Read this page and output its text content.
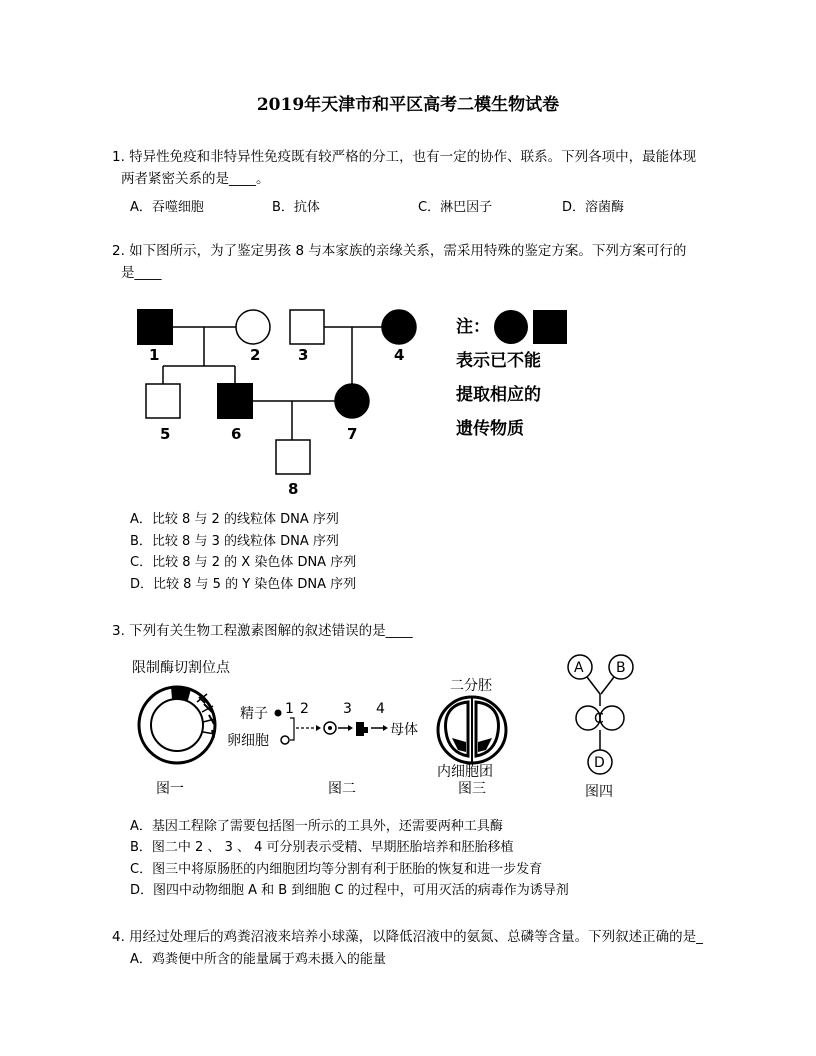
2019年天津市和平区高考二模生物试卷
1. 特异性免疫和非特异性免疫既有较严格的分工，也有一定的协作、联系。下列各项中，最能体现
两者紧密关系的是____。
A．吞噬细胞	B．抗体	C．淋巴因子	D．溶菌酶
2. 如下图所示，为了鉴定男孩 8 与本家族的亲缘关系，需采用特殊的鉴定方案。下列方案可行的
是____
1	2	3	4
5	6	7
8
注：
表示已不能
提取相应的
遗传物质
A．比较 8 与 2 的线粒体 DNA 序列
B．比较 8 与 3 的线粒体 DNA 序列
C．比较 8 与 2 的 X 染色体 DNA 序列
D．比较 8 与 5 的 Y 染色体 DNA 序列
3. 下列有关生物工程激素图解的叙述错误的是____
限制酶切割位点
图一
精子
卵细胞
1 2 3 4
母体
图二
二分胚
内细胞团
图三
A B
C
D
图四
A．基因工程除了需要包括图一所示的工具外，还需要两种工具酶
B．图二中 2 、 3 、 4 可分别表示受精、早期胚胎培养和胚胎移植
C．图三中将原肠胚的内细胞团均等分割有利于胚胎的恢复和进一步发育
D．图四中动物细胞 A 和 B 到细胞 C 的过程中，可用灭活的病毒作为诱导剂
4. 用经过处理后的鸡粪沼液来培养小球藻，以降低沼液中的氨氮、总磷等含量。下列叙述正确的是_
A．鸡粪便中所含的能量属于鸡未摄入的能量
